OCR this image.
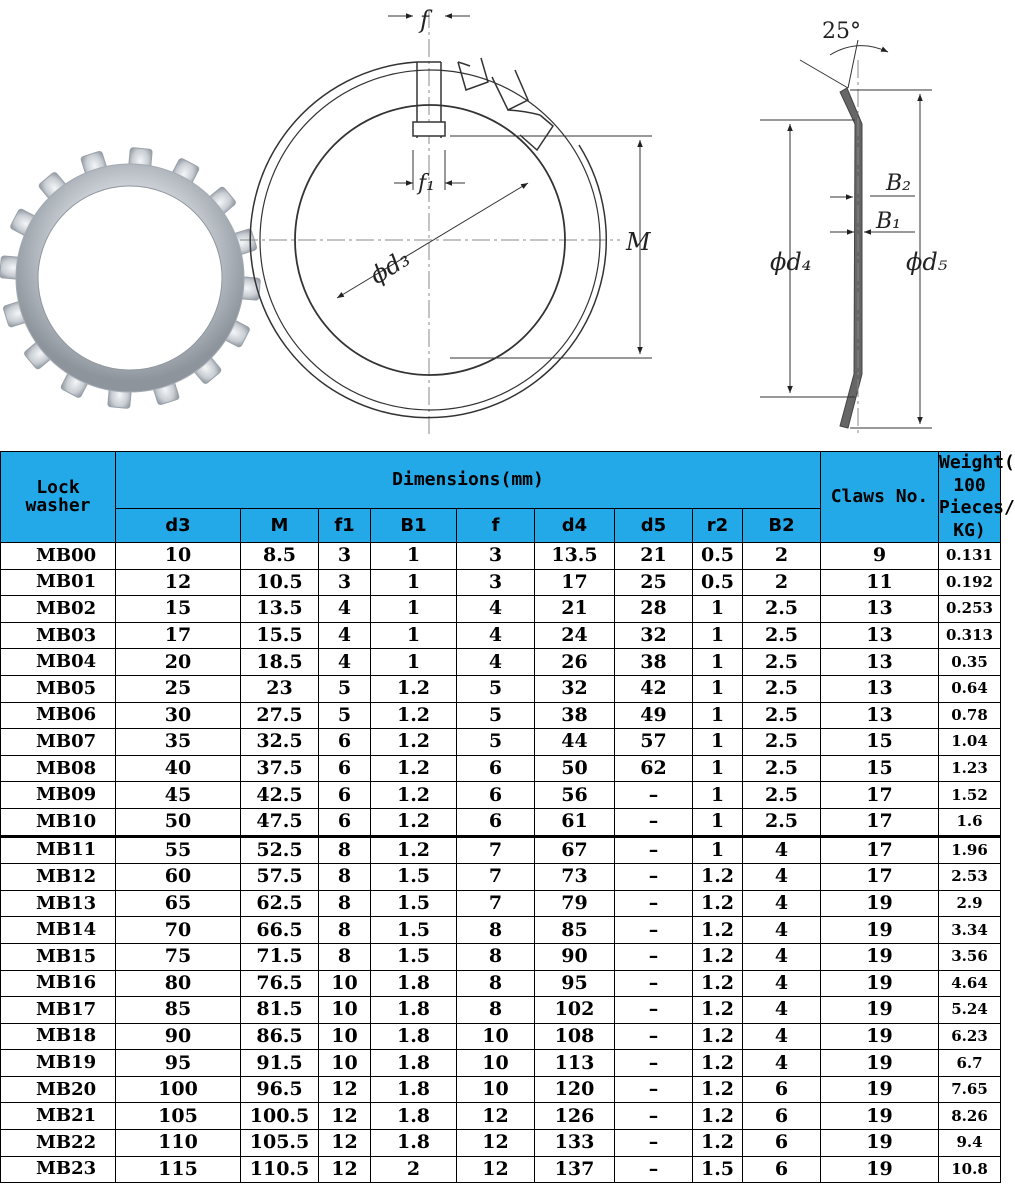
f
f₁
ϕd₃
M
25°
B₂
B₁
ϕd₄	ϕd₅
Lock washer	Dimensions(mm)									Claws No.	Weight( 100 Pieces/ KG)
	d3	M	f1	B1	f	d4	d5	r2	B2		
MB00	10	8.5	3	1	3	13.5	21	0.5	2	9	0.131
MB01	12	10.5	3	1	3	17	25	0.5	2	11	0.192
MB02	15	13.5	4	1	4	21	28	1	2.5	13	0.253
MB03	17	15.5	4	1	4	24	32	1	2.5	13	0.313
MB04	20	18.5	4	1	4	26	38	1	2.5	13	0.35
MB05	25	23	5	1.2	5	32	42	1	2.5	13	0.64
MB06	30	27.5	5	1.2	5	38	49	1	2.5	13	0.78
MB07	35	32.5	6	1.2	5	44	57	1	2.5	15	1.04
MB08	40	37.5	6	1.2	6	50	62	1	2.5	15	1.23
MB09	45	42.5	6	1.2	6	56	–	1	2.5	17	1.52
MB10	50	47.5	6	1.2	6	61	–	1	2.5	17	1.6
MB11	55	52.5	8	1.2	7	67	–	1	4	17	1.96
MB12	60	57.5	8	1.5	7	73	–	1.2	4	17	2.53
MB13	65	62.5	8	1.5	7	79	–	1.2	4	19	2.9
MB14	70	66.5	8	1.5	8	85	–	1.2	4	19	3.34
MB15	75	71.5	8	1.5	8	90	–	1.2	4	19	3.56
MB16	80	76.5	10	1.8	8	95	–	1.2	4	19	4.64
MB17	85	81.5	10	1.8	8	102	–	1.2	4	19	5.24
MB18	90	86.5	10	1.8	10	108	–	1.2	4	19	6.23
MB19	95	91.5	10	1.8	10	113	–	1.2	4	19	6.7
MB20	100	96.5	12	1.8	10	120	–	1.2	6	19	7.65
MB21	105	100.5	12	1.8	12	126	–	1.2	6	19	8.26
MB22	110	105.5	12	1.8	12	133	–	1.2	6	19	9.4
MB23	115	110.5	12	2	12	137	–	1.5	6	19	10.8
